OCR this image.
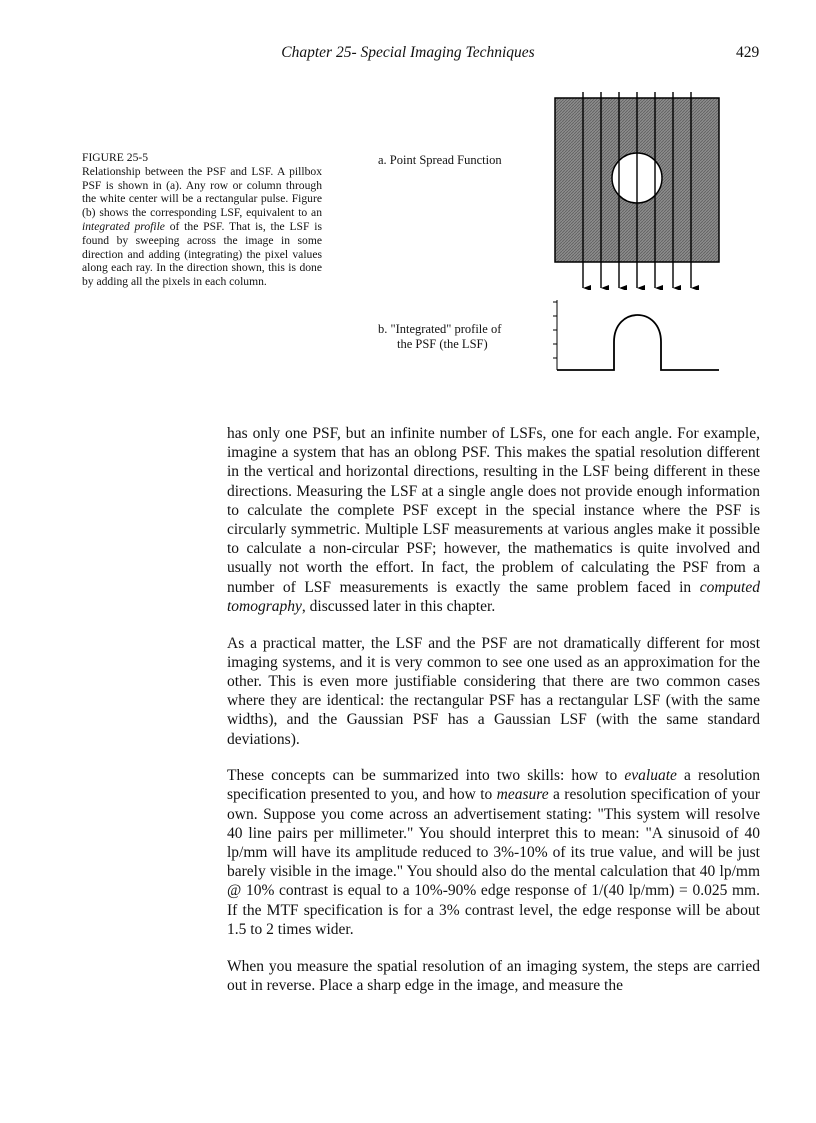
Chapter 25- Special Imaging Techniques	429
FIGURE 25-5
Relationship between the PSF and LSF. A pillbox PSF is shown in (a). Any row or column through the white center will be a rectangular pulse. Figure (b) shows the corresponding LSF, equivalent to an integrated profile of the PSF. That is, the LSF is found by sweeping across the image in some direction and adding (integrating) the pixel values along each ray. In the direction shown, this is done by adding all the pixels in each column.
a. Point Spread Function
b. "Integrated" profile of
the PSF (the LSF)

has only one PSF, but an infinite number of LSFs, one for each angle. For example, imagine a system that has an oblong PSF. This makes the spatial resolution different in the vertical and horizontal directions, resulting in the LSF being different in these directions. Measuring the LSF at a single angle does not provide enough information to calculate the complete PSF except in the special instance where the PSF is circularly symmetric. Multiple LSF measurements at various angles make it possible to calculate a non-circular PSF; however, the mathematics is quite involved and usually not worth the effort. In fact, the problem of calculating the PSF from a number of LSF measurements is exactly the same problem faced in computed tomography, discussed later in this chapter.

As a practical matter, the LSF and the PSF are not dramatically different for most imaging systems, and it is very common to see one used as an approximation for the other. This is even more justifiable considering that there are two common cases where they are identical: the rectangular PSF has a rectangular LSF (with the same widths), and the Gaussian PSF has a Gaussian LSF (with the same standard deviations).

These concepts can be summarized into two skills: how to evaluate a resolution specification presented to you, and how to measure a resolution specification of your own. Suppose you come across an advertisement stating: "This system will resolve 40 line pairs per millimeter." You should interpret this to mean: "A sinusoid of 40 lp/mm will have its amplitude reduced to 3%-10% of its true value, and will be just barely visible in the image." You should also do the mental calculation that 40 lp/mm @ 10% contrast is equal to a 10%-90% edge response of 1/(40 lp/mm) = 0.025 mm. If the MTF specification is for a 3% contrast level, the edge response will be about 1.5 to 2 times wider.

When you measure the spatial resolution of an imaging system, the steps are carried out in reverse. Place a sharp edge in the image, and measure the
